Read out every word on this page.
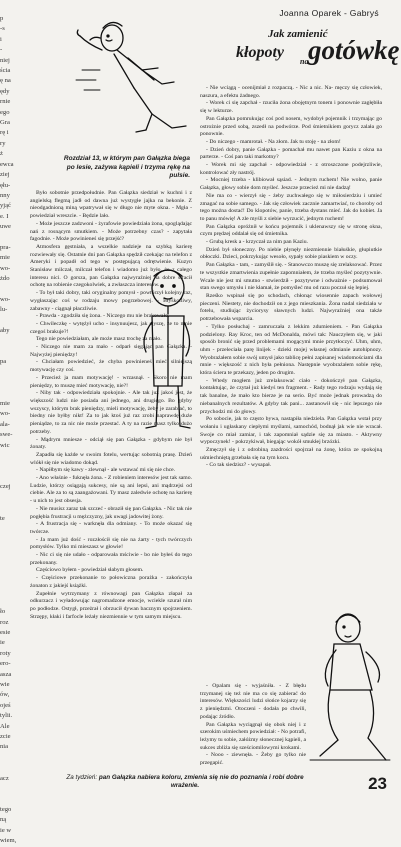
p
-s
i
-
niej
ścia
ę na
ędy
rnie
ego
Gra
rę i
ry
ż
ewca
ziej
ęłu-
nny
yjąć
e. I
uwe

pra-
mie
wo-
żdo

wo-
lu-

aby

pa

mie
wo-
ala-
swe-
wic

czej

te

ło
roz
esie
ie
roty
ero-
asza
wie
ów,
ojeś
tylii.
Ale
zcie
nia

acz

tego
ną
ie w
wiem,
Joanna Oparek - Gabryś
Jak zamienić
kłopoty
na gotówkę
Rozdział 13, w którym pan Gałązka biega po lesie, zażywa kąpieli i trzyma rękę na pulsie.

Było sobotnie przedpołudnie. Pan Gałązka siedział w kuchni i z angielską flegmą jadł od dawna już wystygłe jajka na bekonie. Z nieodgadnioną miną wpatrywał się w długo nie myte okna. - Mgła - powiedział wreszcie. - Będzie lało.

- Może jeszcze zadzwoni - żyrafowie powiedziała żona, spoglądając nań z rosnącym smutkiem. - Może potrzebny czas? - zapytała fagodnie. - Może powinieneś się przejść?

Atmosfera gęstniała, a wszelkie nadzieje na szybką karierę rozwiewały się. Ostatnie dni pan Gałązka spędził czekając na telefon z Ameryki i popadł od tego w postępującą odrętwienie. Kuzyn Stanisław milczał, milczał telefon i wiadomo już było, że z całego interesu nici. O gorsza, pan Gałązka najwyraźniej na dobre stracił ochotę na robienie czegokolwiek, a zwłaszcza interesów.

- To był taki dobry, taki oryginalny pomysł - powtórzył kolejny raz, wygłaszając coś w rodzaju mowy pogrzebowej. - Błyskotliwy, zabawny - ciągnął płaczliwie.

- Prawda - zgodziła się żona. - Niczego mu nie brakowało.

- Chwileczkę - wytężył ucho - insynuujesz, jak słyszę, że to mnie czegoś brakuje?!

Tego nie powiedziałam, ale może masz trochę za mało.

- Niczego nie mam za mało - odparł sięgając pan Gałązka. - Najwyżej pieniędzy!

- Chciałam powiedzieć, że chyba powinieneś mieć silniejszą motywację czy coś.

- Przecież ja mam motywację! - wrzasnął. - Skoro nie mam pieniędzy, to muszę mieć motywację, nie?!

- Niby tak - odpowiedziała spokojnie. - Ale tak już jakoś jest, że większość ludzi nie posiada ani jednego, ani drugiego. Bo gdyby wszyscy, którym brak pieniędzy, mieli motywację, żeby je zarabiać, to biedny nie byłby nikt! Za to jak ktoś już raz zrobi naprawdę duże pieniądze, to za nic nie może przestać. A ty na razie masz tylko dużo potrzeby.

- Mądrym mniesze - odciął się pan Gałązka - gdybym nie był żonaty.

Zapadła się każde w swoim fotelu, wertując sobotnią prasę. Dzień wlókł się nie wiadomo dokąd.

- Napiłbym się kawy - zlewnął - ale wstawać mi się nie chce.

- Ano właśnie - fuknęła żona. - Z robieniem interesów jest tak samo. Ludzie, którzy osiągają sukcesy, nie są ani lepsi, ani mądrzejsi od ciebie. Ale za to są zaangażowani. Ty masz zaledwie ochotę na karierę - u nich to jest obsesja.

- Nie musisz zaraz tak szczeć - obraził się pan Gałązka. - Nic tak nie pogłębia frustracji u mężczyzny, jak uwagi jadowitej żony.

- A frustracja się - warknęła dla odmiany. - To może okazać się twórcze.

- Ja mam już dość - rozzłościł się nie na żarty - tych twórczych pomysłów. Tylko mi mieszasz w głowie!

- Nic ci się nie udało - odparowała mściwie - bo nie byłeś do tego przekonany.

Częściowo byłem - powiedział słabym głosem.

- Częściowe przekonanie to połowiczna porażka - zakończyła żonaton z jakiejś książki.

Zupełnie wytrzymany z równowagi pan Gałązka złapał za odkurzacz i wyładowując nagromadzone emocje, wciekle szurał nim po podłodze. Ostygł, przeżrał i obrzucił dywan bacznym spojrzeniem. Strzępy, kłaki i farfocle leżały niezmiennie w tym samym miejscu.

- Nie wciągą - ocenijmiał z rozpaczą. - Nic a nic. Na- męczy się człowiek, naszura, a efektu żadnego.

- Worek ci się zapchał - rzuciła żona obojętnym tonem i ponownie zagłębiła się w lekturze.

Pan Gałązka pomrukując coś pod nosem, wydobył pojemnik i trzymając go ostrożnie przed sobą, zszedł na podwórze. Pod śmietnikiem gorycz zalała go ponownie.

- Do niczego - mamrotał. - Na złom. Jak tu stoję - na złom!

- Dzień dobry, panie Gałązka - pomachał mu nawet pan Kaziu z okna na parterze. - Coś pan taki markotny?

- Worek mi się zapchał - odpowiedział - z otroszczone podejrzliwie, kontrolować zły nastrój.

- Mocniej trzeba - klibiował sąsiad. - Jednym ruchem! Nie wolno, panie Gałązka, głowy sobie dom myśleć. Jeszcze przecież mi nie dadzą!

Nie ma co - wierzył się - żeby zuchwałego się w miłosierdziu i umieć zmagać na sobie samego. - Jak się człowiek zacznie zamartwiać, to choroby od tego można dostać! Do klopotów, panie, trzeba dystans mieć. Jak do kobiet. Ja to panu mówię! A zle myśli z siebie wyrzucić, jednym ruchem!

Pan Gałązka opróżnił w końcu pojemnik i uklenawszy się w stronę okna, czym prędzej oddalał się od śmietnika.

- Grubą kresk a - krzyczał za nim pan Kaziu.

Dzień był słoneczny. Po niebie płynęły niezmiennie białuśkie, głupiutkie obłoczki. Dzieci, pokrzykując wesoło, sypały sobie piaskiem w oczy.

Pan Gałązka - tam, - zamyślił się. - Stanowczo muszę się zrelaksować. Przez te wszystkie zmartwienia zupełnie zapomniałem, że trzeba myśleć pozytywnie. Wcale nie jest mi smutno - stwierdził - pozytywne i odważnie - podsumował stan swego umysłu i nie kłamał, że pomyśleć mu od razu poczuł się lepiej.

Rześko wspinał się po schodach, chłonąc wiosennie zapach wołowej pieczeni. Niestety, nie dochodził on z jego mieszkania. Żona nadal siedziała w fotelu, studiując życiorysy sławnych ludzi. Najwyraźniej ona także potrzebowała wsparcia.

- Tylko posłuchaj - zamruczała z lekkim zdumieniem. - Pan Gałązka podzielony. Ray Kroc, ten od McDonalda, mówi tak: Nauczyłem się, w jaki sposób bronić się przed problemami mogącymi mnie przytłoczyć. Uhm, uhm, uhm - przeleciała parę linijek - dzieki mojej własnej odmianie autohipnozy. Wyobrażałem sobie swój umysł jako tablicę pełni zapisanej wiadomościami dla mnie - większość z nich była pełniona. Następnie wyobrażałem sobie rękę, która ściera te przekazy, jeden po drugim.

- Wtedy mogłem już zrelaksować ciało - dokończył pan Gałązka, kontaktując, że czytał już kiedyś ten fragment. - Rady tego rodzaju wydają się tak banalne, że mało kto bierze je na serio. Być może jednak prowadzą do niebanalnych rezultatów. A gdyby tak pani... zastanowił się - nic lepszego nie przychodzi mi do głowy.

Po sobocie, jak to często bywa, nastąpiła niedziela. Pan Gałązka wstał przy wołaniu i ugłaskany ciepłymi myślami, samochód, bodnął jak wie nie wracał. Swoje co miał zamiar, i tak zapomniał sądzie się za miasto. - Aktywny wypoczynek! - pokrzykiwał, biegając wokół smukłej brzózki.

Zmęczył się i z odrobiną zazdrości spojrzał na żonę, która ze spokojną uśmiechniętą grzebała się na tym kocu.

- Co tak siedzisz? - wysapał.

- Opalam się - wyjaśniła. - Z błędu trzymanej się też nie ma co się zabierać do interesów. Większości ludzi słońce kojarzy się z pieniędzmi. Otoczeni - dodała po chwili, podając źródło.

Pan Gałązka wyciągnął się obok niej i z szerokim uśmiechem powiedział: - No potrafi, leżymy tu sobie, załóżmy słonecznej kąpieli, a sukces zbliża się sześciomilowymi krokami.

- Nooo - ziewnęła. - Żeby go tylko nie przegapić.

Za tydzień: pan Gałązka nabiera koloru, zmienia się nie do poznania i robi dobre wrażenie.	23
